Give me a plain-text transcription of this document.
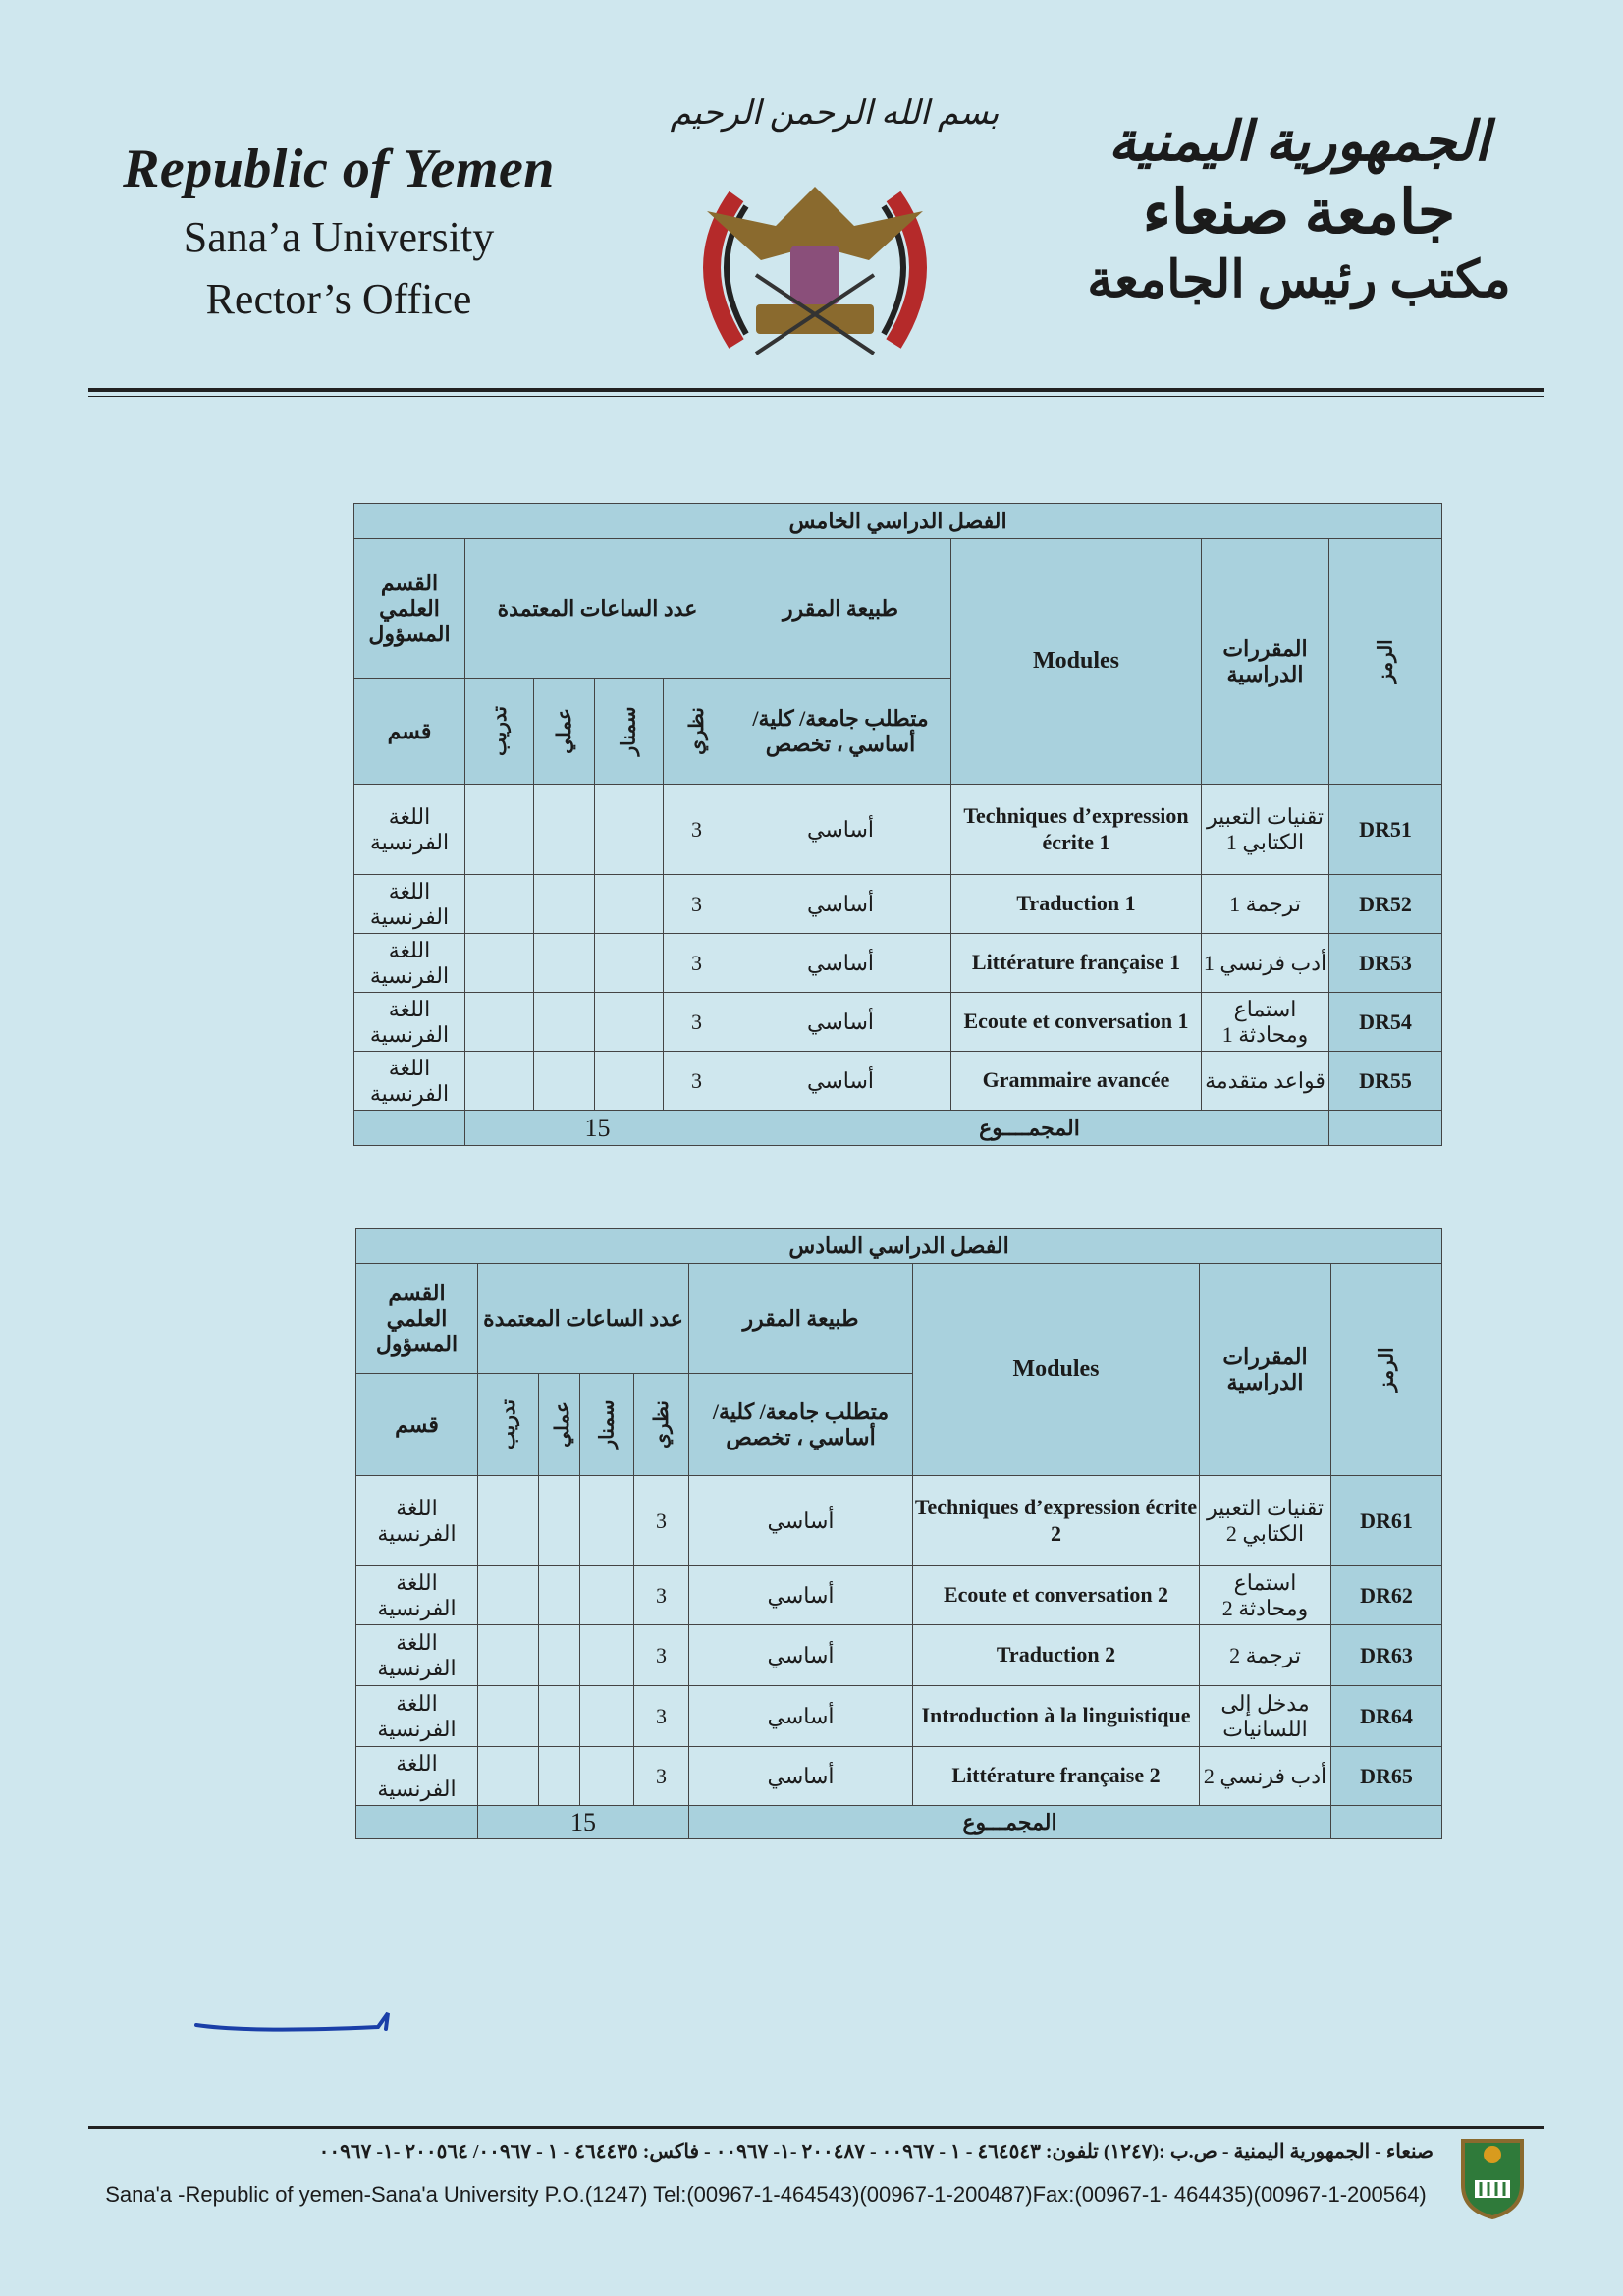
Republic of Yemen
Sana’a University
Rector’s Office
بسم الله الرحمن الرحيم	الجمهورية اليمنية
جامعة صنعاء
مكتب رئيس الجامعة
الفصل الدراسي الخامس								
القسم العلمي المسؤول	عدد الساعات المعتمدة				طبيعة المقرر	Modules	المقررات الدراسية	الرمز
قسم	تدريب	عملي	سمنار	نظري	متطلب جامعة/ كلية/ أساسي ، تخصص			
اللغة الفرنسية				3	أساسي	Techniques d’expression écrite 1	تقنيات التعبير الكتابي 1	DR51
اللغة الفرنسية				3	أساسي	Traduction 1	ترجمة 1	DR52
اللغة الفرنسية				3	أساسي	Littérature française 1	أدب فرنسي 1	DR53
اللغة الفرنسية				3	أساسي	Ecoute et conversation 1	استماع ومحادثة 1	DR54
اللغة الفرنسية				3	أساسي	Grammaire avancée	قواعد متقدمة	DR55
	15				المجمــــوع			
الفصل الدراسي السادس								
القسم العلمي المسؤول	عدد الساعات المعتمدة				طبيعة المقرر	Modules	المقررات الدراسية	الرمز
قسم	تدريب	عملي	سمنار	نظري	متطلب جامعة/ كلية/ أساسي ، تخصص			
اللغة الفرنسية				3	أساسي	Techniques d’expression écrite 2	تقنيات التعبير الكتابي 2	DR61
اللغة الفرنسية				3	أساسي	Ecoute et conversation 2	استماع ومحادثة 2	DR62
اللغة الفرنسية				3	أساسي	Traduction 2	ترجمة 2	DR63
اللغة الفرنسية				3	أساسي	Introduction à la linguistique	مدخل إلى اللسانيات	DR64
اللغة الفرنسية				3	أساسي	Littérature française 2	أدب فرنسي 2	DR65
	15				المجمـــوع			
صنعاء - الجمهورية اليمنية - ص.ب :(١٢٤٧) تلفون: ٤٦٤٥٤٣ - ١ - ٠٠٩٦٧ - ٢٠٠٤٨٧ -١- ٠٠٩٦٧ - فاكس: ٤٦٤٤٣٥ - ١ - ٠٠٩٦٧/ ٢٠٠٥٦٤ -١- ٠٠٩٦٧
Sana'a -Republic of yemen-Sana'a University P.O.(1247) Tel:(00967-1-464543)(00967-1-200487)Fax:(00967-1- 464435)(00967-1-200564)
